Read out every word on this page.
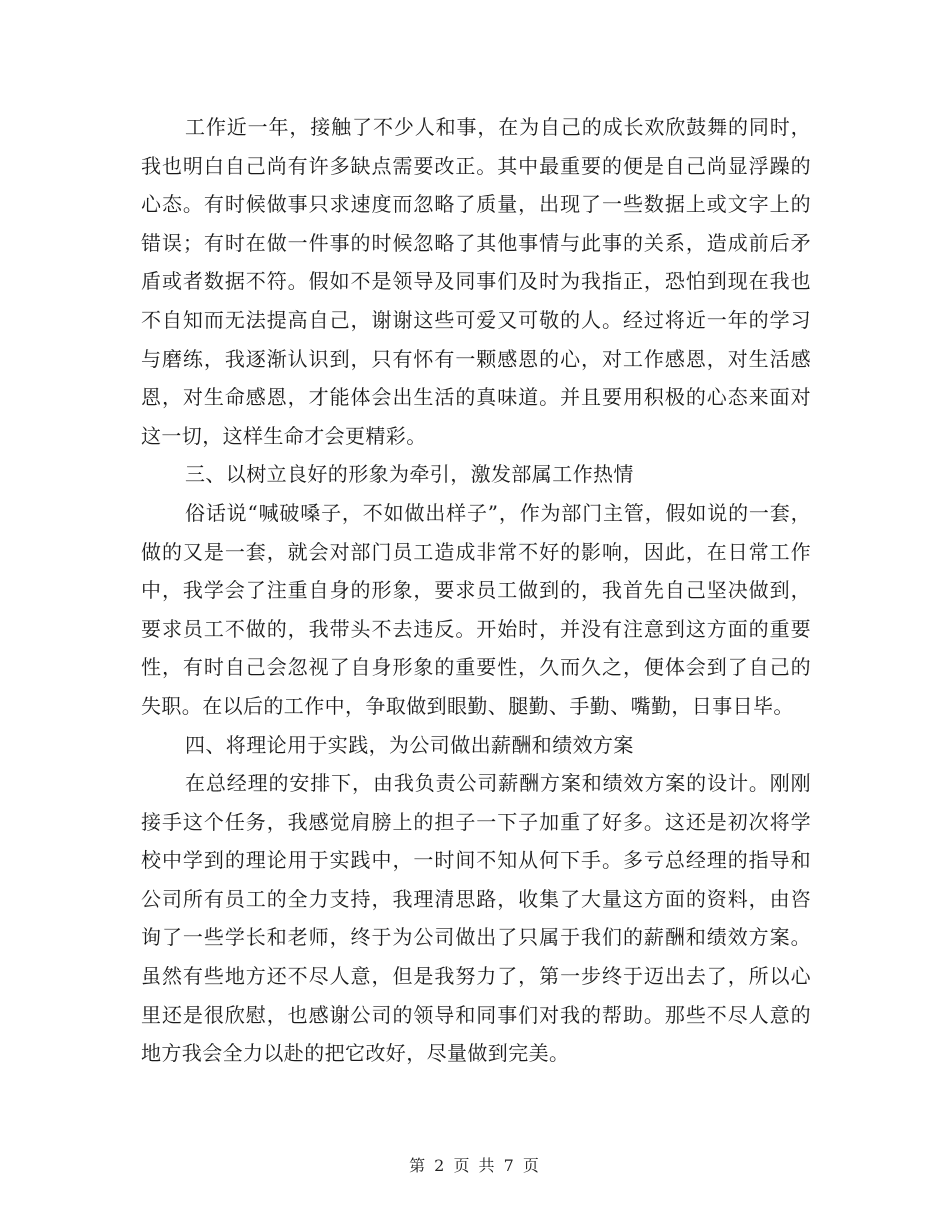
工作近一年，接触了不少人和事，在为自己的成长欢欣鼓舞的同时，我也明白自己尚有许多缺点需要改正。其中最重要的便是自己尚显浮躁的心态。有时候做事只求速度而忽略了质量，出现了一些数据上或文字上的错误；有时在做一件事的时候忽略了其他事情与此事的关系，造成前后矛盾或者数据不符。假如不是领导及同事们及时为我指正，恐怕到现在我也不自知而无法提高自己，谢谢这些可爱又可敬的人。经过将近一年的学习与磨练，我逐渐认识到，只有怀有一颗感恩的心，对工作感恩，对生活感恩，对生命感恩，才能体会出生活的真味道。并且要用积极的心态来面对这一切，这样生命才会更精彩。

三、以树立良好的形象为牵引，激发部属工作热情

俗话说“喊破嗓子，不如做出样子”，作为部门主管，假如说的一套，做的又是一套，就会对部门员工造成非常不好的影响，因此，在日常工作中，我学会了注重自身的形象，要求员工做到的，我首先自己坚决做到，要求员工不做的，我带头不去违反。开始时，并没有注意到这方面的重要性，有时自己会忽视了自身形象的重要性，久而久之，便体会到了自己的失职。在以后的工作中，争取做到眼勤、腿勤、手勤、嘴勤，日事日毕。

四、将理论用于实践，为公司做出薪酬和绩效方案

在总经理的安排下，由我负责公司薪酬方案和绩效方案的设计。刚刚接手这个任务，我感觉肩膀上的担子一下子加重了好多。这还是初次将学校中学到的理论用于实践中，一时间不知从何下手。多亏总经理的指导和公司所有员工的全力支持，我理清思路，收集了大量这方面的资料，由咨询了一些学长和老师，终于为公司做出了只属于我们的薪酬和绩效方案。虽然有些地方还不尽人意，但是我努力了，第一步终于迈出去了，所以心里还是很欣慰，也感谢公司的领导和同事们对我的帮助。那些不尽人意的地方我会全力以赴的把它改好，尽量做到完美。

第 2 页 共 7 页
